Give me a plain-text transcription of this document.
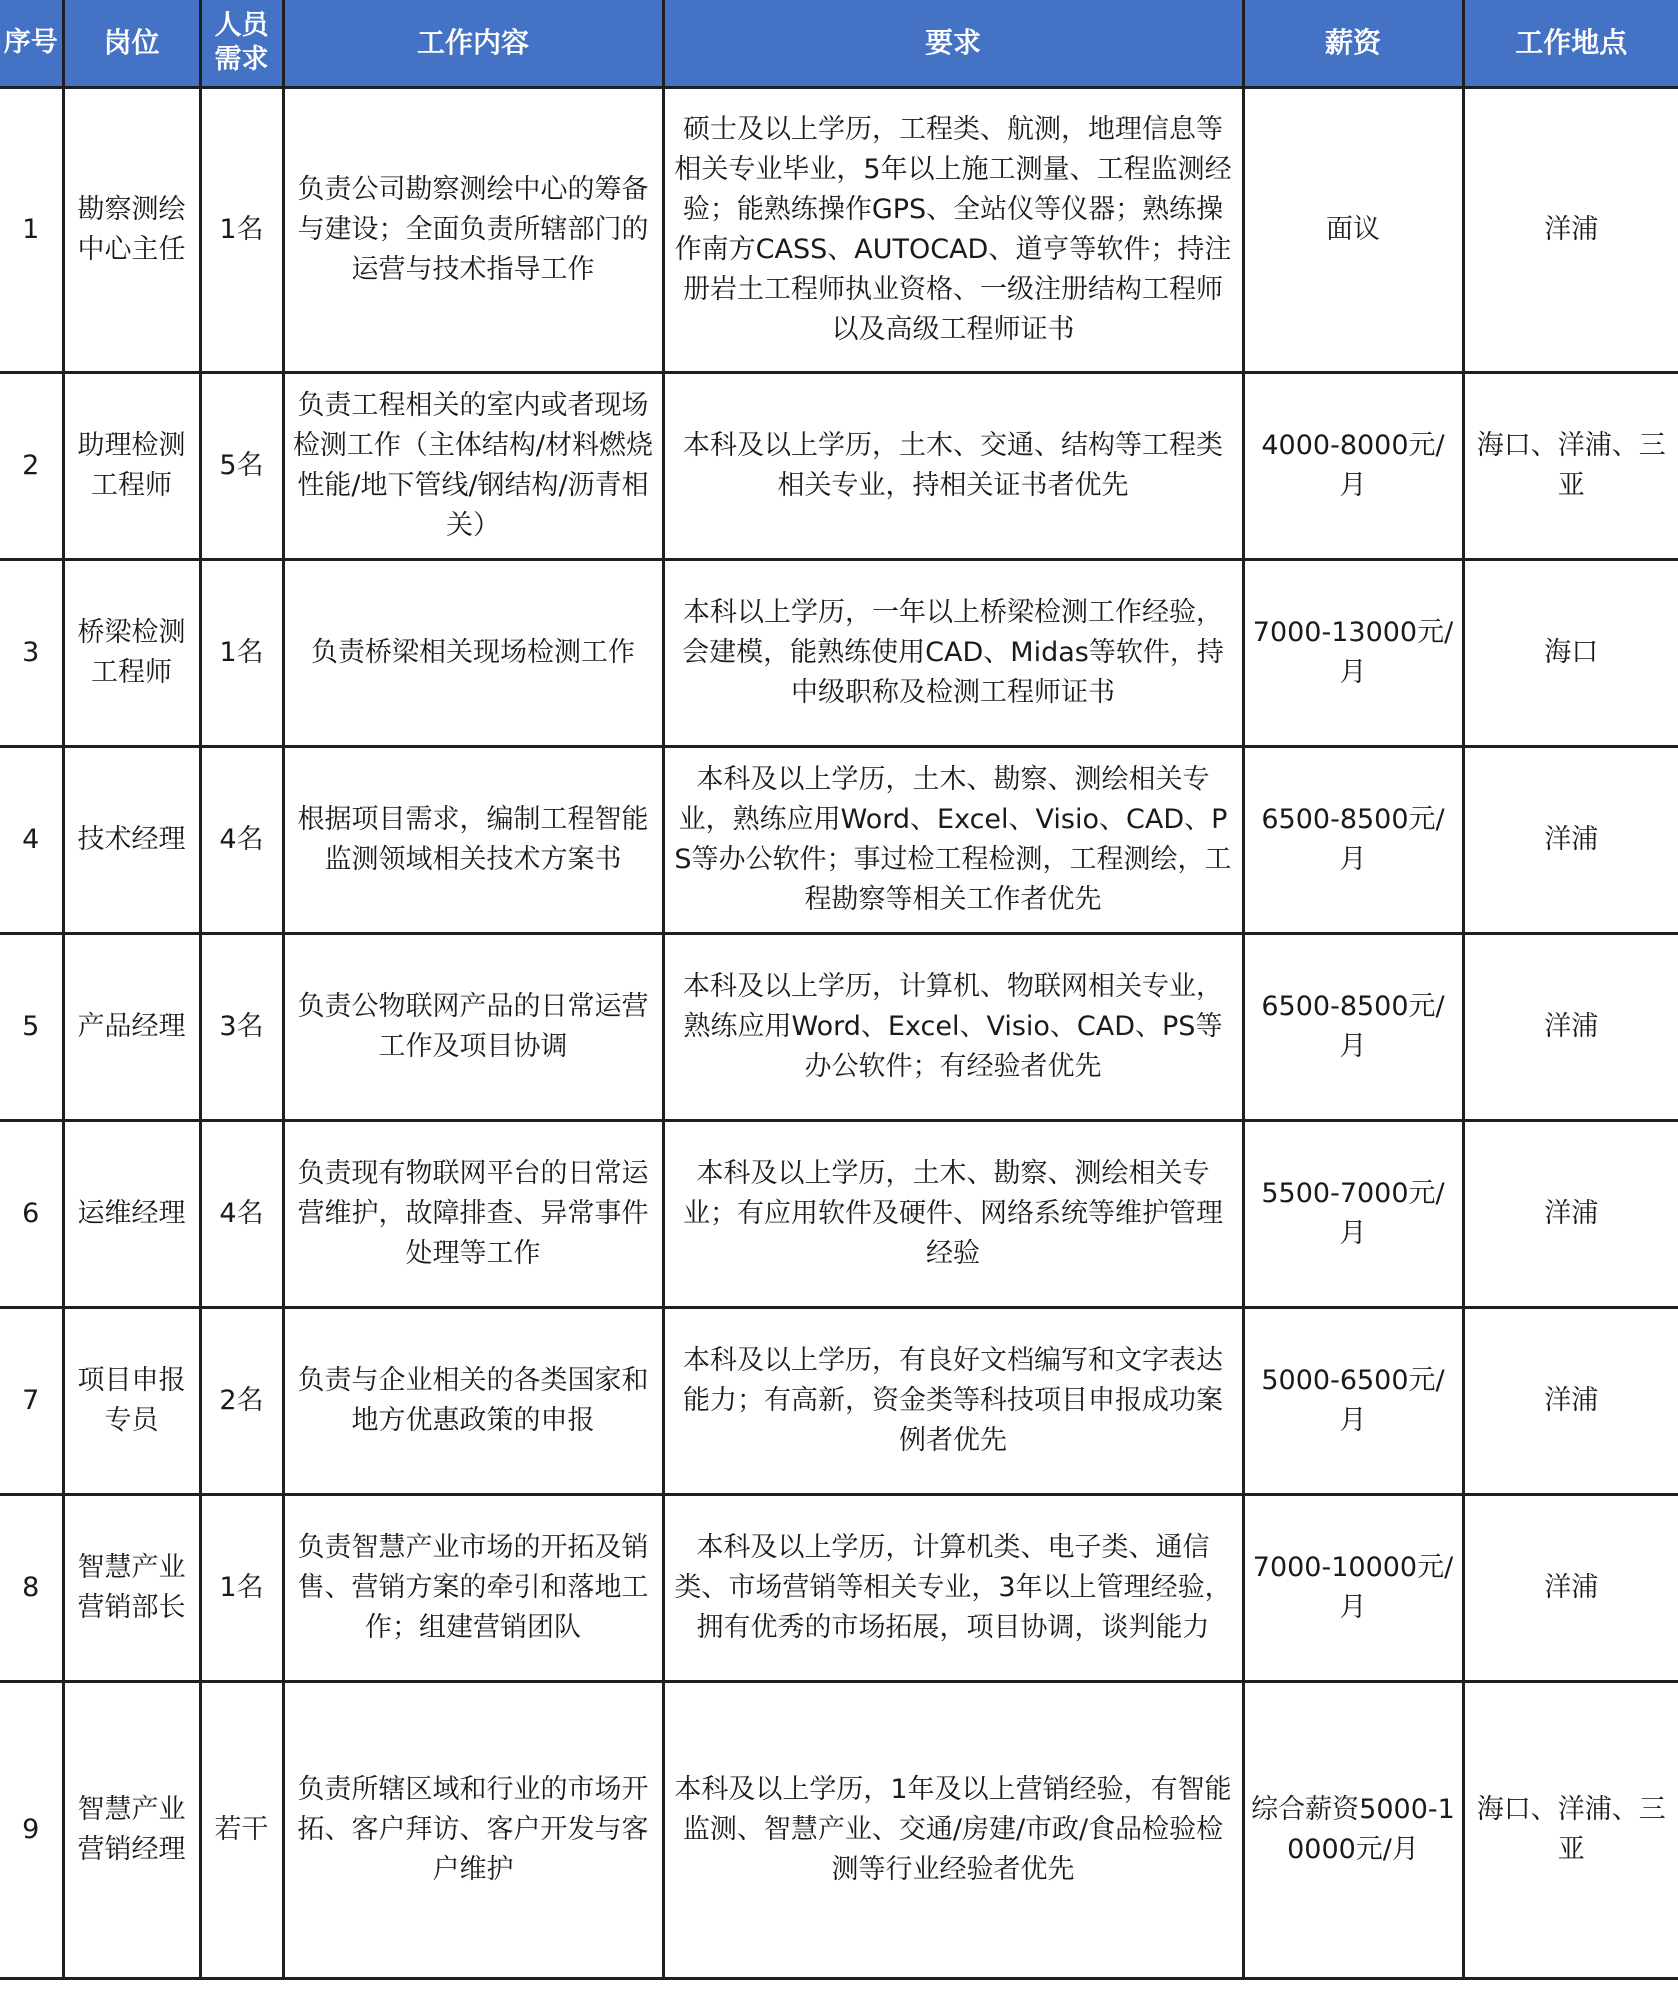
序号	岗位	人员需求	工作内容	要求	薪资	工作地点
1	勘察测绘中心主任	1名	负责公司勘察测绘中心的筹备与建设；全面负责所辖部门的运营与技术指导工作	硕士及以上学历，工程类、航测，地理信息等相关专业毕业，5年以上施工测量、工程监测经验；能熟练操作GPS、全站仪等仪器；熟练操作南方CASS、AUTOCAD、道亨等软件；持注册岩土工程师执业资格、一级注册结构工程师以及高级工程师证书	面议	洋浦
2	助理检测工程师	5名	负责工程相关的室内或者现场检测工作（主体结构/材料燃烧性能/地下管线/钢结构/沥青相关）	本科及以上学历，土木、交通、结构等工程类相关专业，持相关证书者优先	4000-8000元/月	海口、洋浦、三亚
3	桥梁检测工程师	1名	负责桥梁相关现场检测工作	本科以上学历，一年以上桥梁检测工作经验，会建模，能熟练使用CAD、Midas等软件，持中级职称及检测工程师证书	7000-13000元/月	海口
4	技术经理	4名	根据项目需求，编制工程智能监测领域相关技术方案书	本科及以上学历，土木、勘察、测绘相关专业，熟练应用Word、Excel、Visio、CAD、PS等办公软件；事过检工程检测，工程测绘，工程勘察等相关工作者优先	6500-8500元/月	洋浦
5	产品经理	3名	负责公物联网产品的日常运营工作及项目协调	本科及以上学历，计算机、物联网相关专业，熟练应用Word、Excel、Visio、CAD、PS等办公软件；有经验者优先	6500-8500元/月	洋浦
6	运维经理	4名	负责现有物联网平台的日常运营维护，故障排查、异常事件处理等工作	本科及以上学历，土木、勘察、测绘相关专业；有应用软件及硬件、网络系统等维护管理经验	5500-7000元/月	洋浦
7	项目申报专员	2名	负责与企业相关的各类国家和地方优惠政策的申报	本科及以上学历，有良好文档编写和文字表达能力；有高新，资金类等科技项目申报成功案例者优先	5000-6500元/月	洋浦
8	智慧产业营销部长	1名	负责智慧产业市场的开拓及销售、营销方案的牵引和落地工作；组建营销团队	本科及以上学历，计算机类、电子类、通信类、市场营销等相关专业，3年以上管理经验，拥有优秀的市场拓展，项目协调，谈判能力	7000-10000元/月	洋浦
9	智慧产业营销经理	若干	负责所辖区域和行业的市场开拓、客户拜访、客户开发与客户维护	本科及以上学历，1年及以上营销经验，有智能监测、智慧产业、交通/房建/市政/食品检验检测等行业经验者优先	综合薪资5000-10000元/月	海口、洋浦、三亚
